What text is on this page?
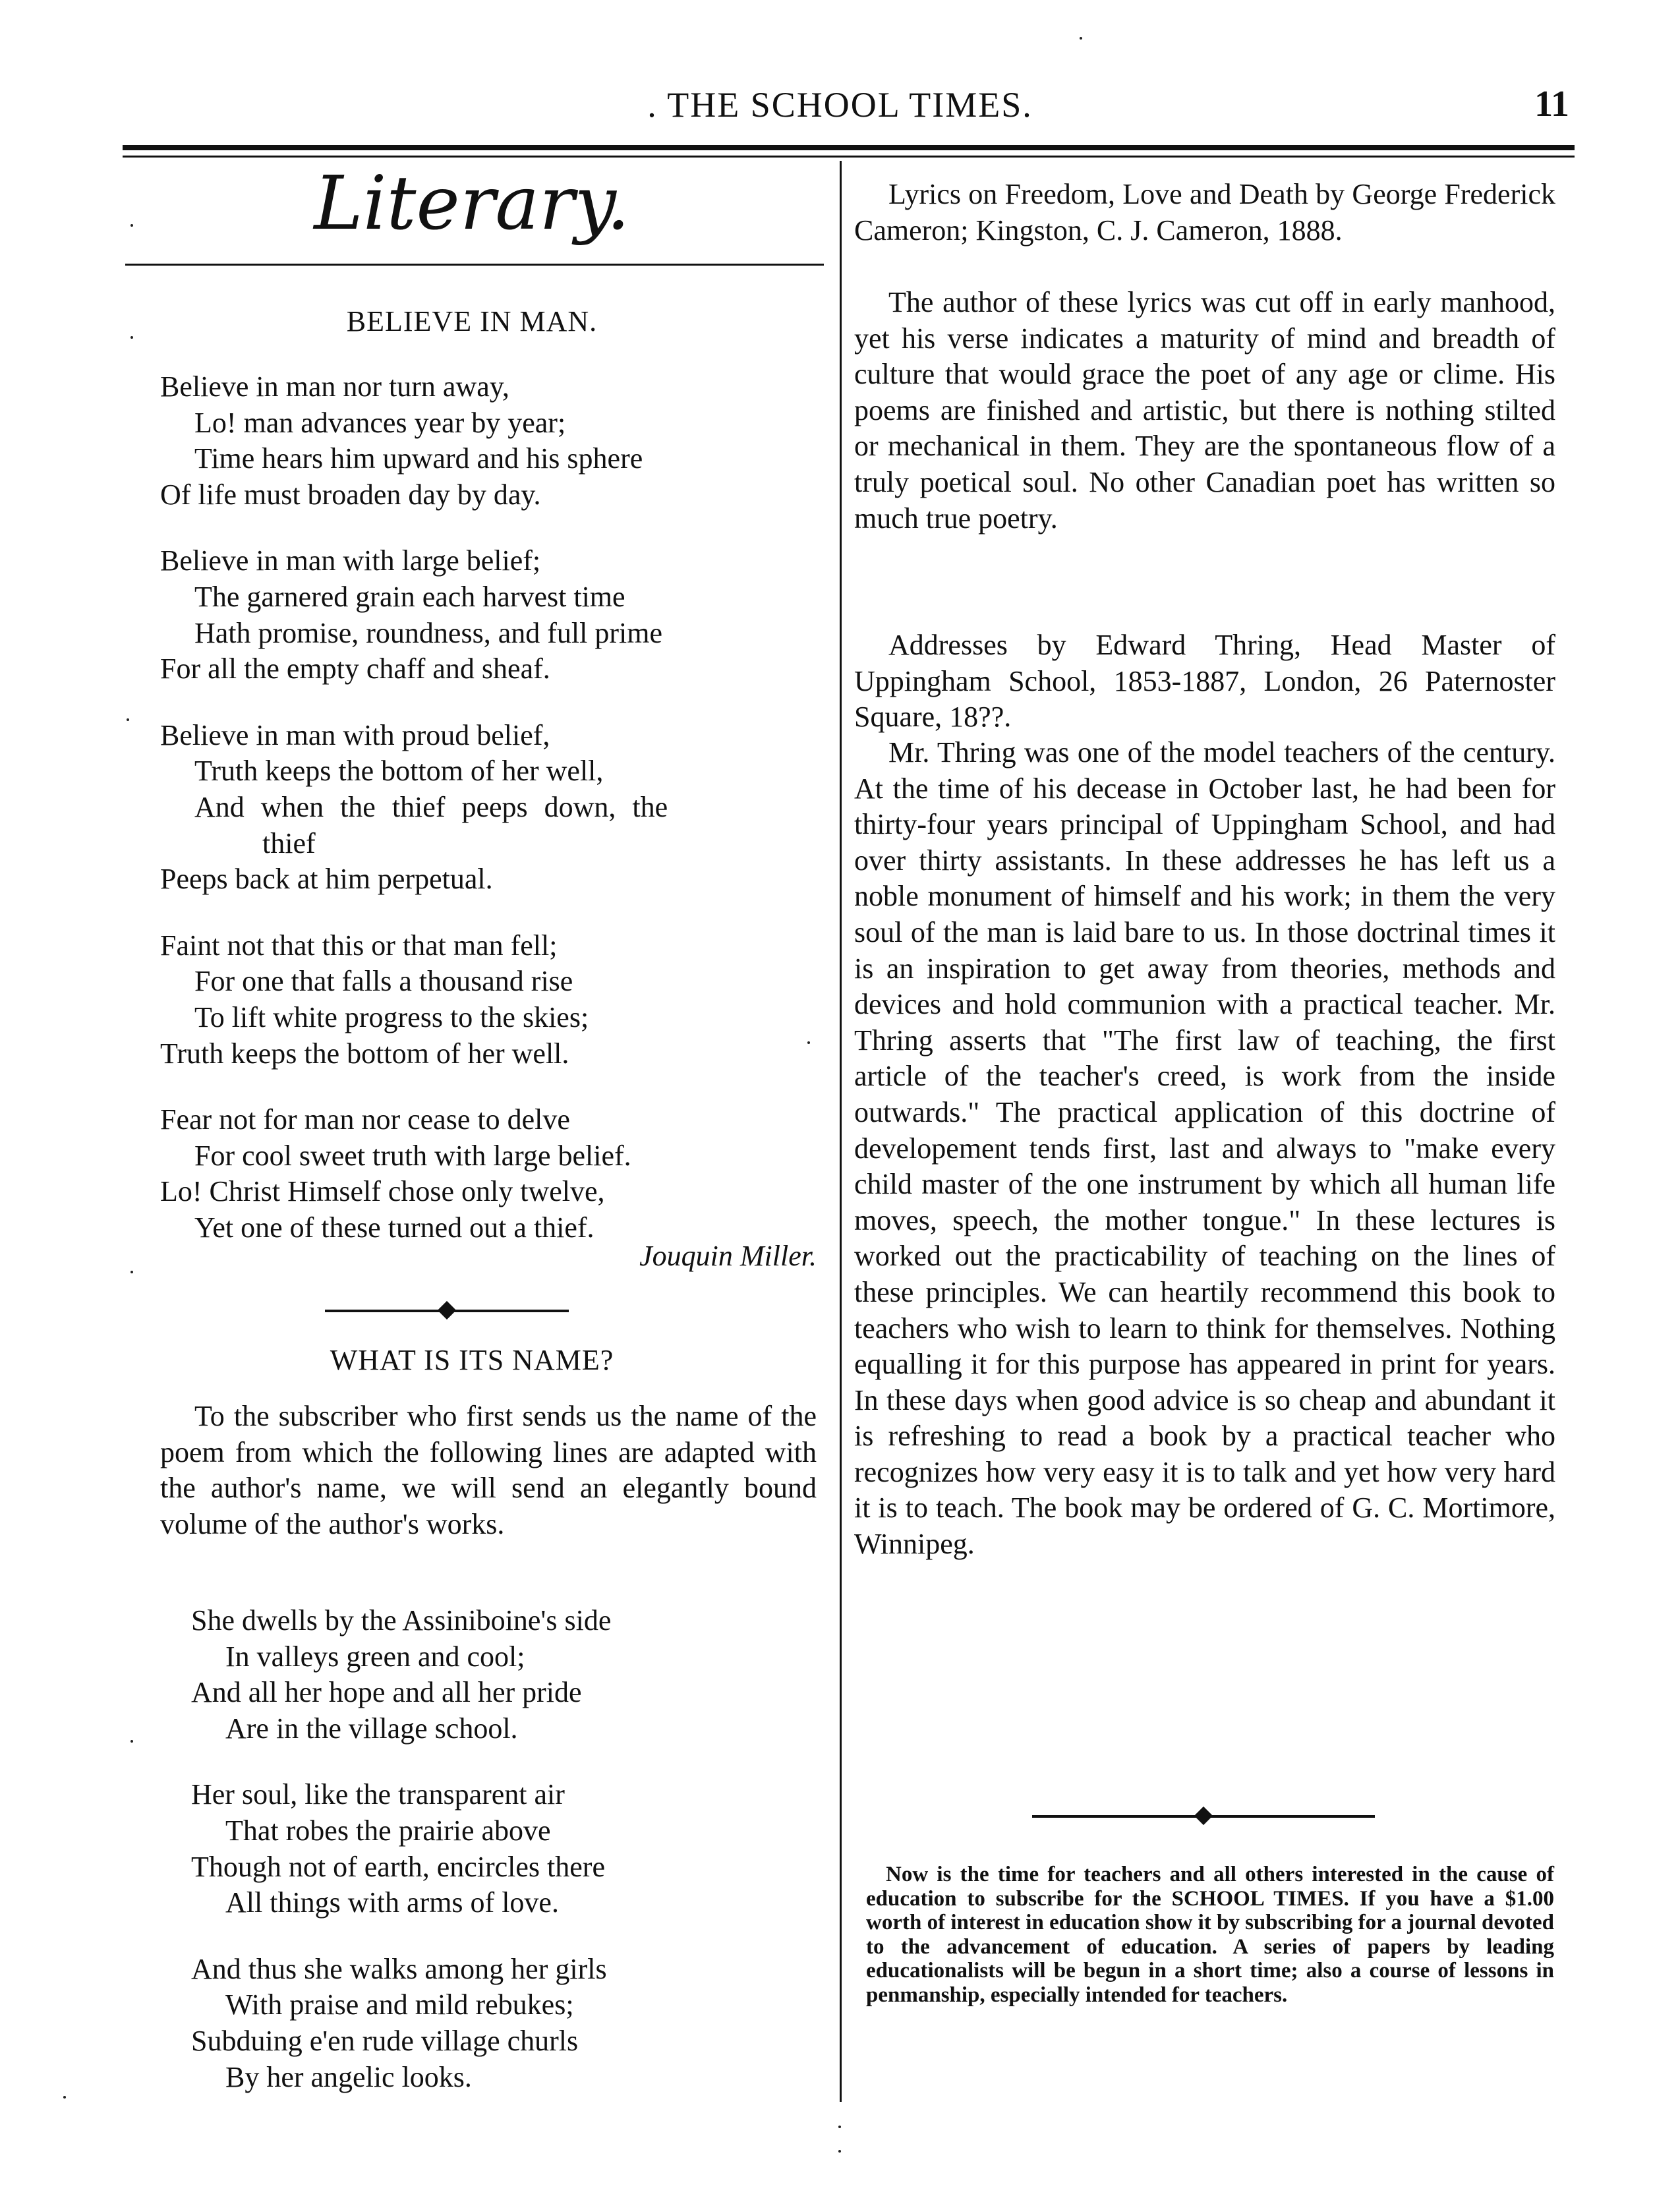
. THE SCHOOL TIMES.	11
Literary.
BELIEVE IN MAN.
Believe in man nor turn away,
Lo! man advances year by year;
Time hears him upward and his sphere
Of life must broaden day by day.
Believe in man with large belief;
The garnered grain each harvest time
Hath promise, roundness, and full prime
For all the empty chaff and sheaf.
Believe in man with proud belief,
Truth keeps the bottom of her well,
And when the thief peeps down, the
thief
Peeps back at him perpetual.
Faint not that this or that man fell;
For one that falls a thousand rise
To lift white progress to the skies;
Truth keeps the bottom of her well.
Fear not for man nor cease to delve
For cool sweet truth with large belief.
Lo! Christ Himself chose only twelve,
Yet one of these turned out a thief.
Jouquin Miller.
WHAT IS ITS NAME?

To the subscriber who first sends us the name of the poem from which the following lines are adapted with the author's name, we will send an elegantly bound volume of the author's works.

She dwells by the Assiniboine's side
In valleys green and cool;
And all her hope and all her pride
Are in the village school.
Her soul, like the transparent air
That robes the prairie above
Though not of earth, encircles there
All things with arms of love.
And thus she walks among her girls
With praise and mild rebukes;
Subduing e'en rude village churls
By her angelic looks.

Lyrics on Freedom, Love and Death by George Frederick Cameron; Kingston, C. J. Cameron, 1888.

The author of these lyrics was cut off in early manhood, yet his verse indicates a maturity of mind and breadth of culture that would grace the poet of any age or clime. His poems are finished and artistic, but there is nothing stilted or mechanical in them. They are the spontaneous flow of a truly poetical soul. No other Canadian poet has written so much true poetry.

Addresses by Edward Thring, Head Master of Uppingham School, 1853-1887, London, 26 Paternoster Square, 18??.

Mr. Thring was one of the model teachers of the century. At the time of his decease in October last, he had been for thirty-four years principal of Uppingham School, and had over thirty assistants. In these addresses he has left us a noble monument of himself and his work; in them the very soul of the man is laid bare to us. In those doctrinal times it is an inspiration to get away from theories, methods and devices and hold communion with a practical teacher. Mr. Thring asserts that "The first law of teaching, the first article of the teacher's creed, is work from the inside outwards." The practical application of this doctrine of developement tends first, last and always to "make every child master of the one instrument by which all human life moves, speech, the mother tongue." In these lectures is worked out the practicability of teaching on the lines of these principles. We can heartily recommend this book to teachers who wish to learn to think for themselves. Nothing equalling it for this purpose has appeared in print for years. In these days when good advice is so cheap and abundant it is refreshing to read a book by a practical teacher who recognizes how very easy it is to talk and yet how very hard it is to teach. The book may be ordered of G. C. Mortimore, Winnipeg.

Now is the time for teachers and all others interested in the cause of education to subscribe for the SCHOOL TIMES. If you have a $1.00 worth of interest in education show it by subscribing for a journal devoted to the advancement of education. A series of papers by leading educationalists will be begun in a short time; also a course of lessons in penmanship, especially intended for teachers.
